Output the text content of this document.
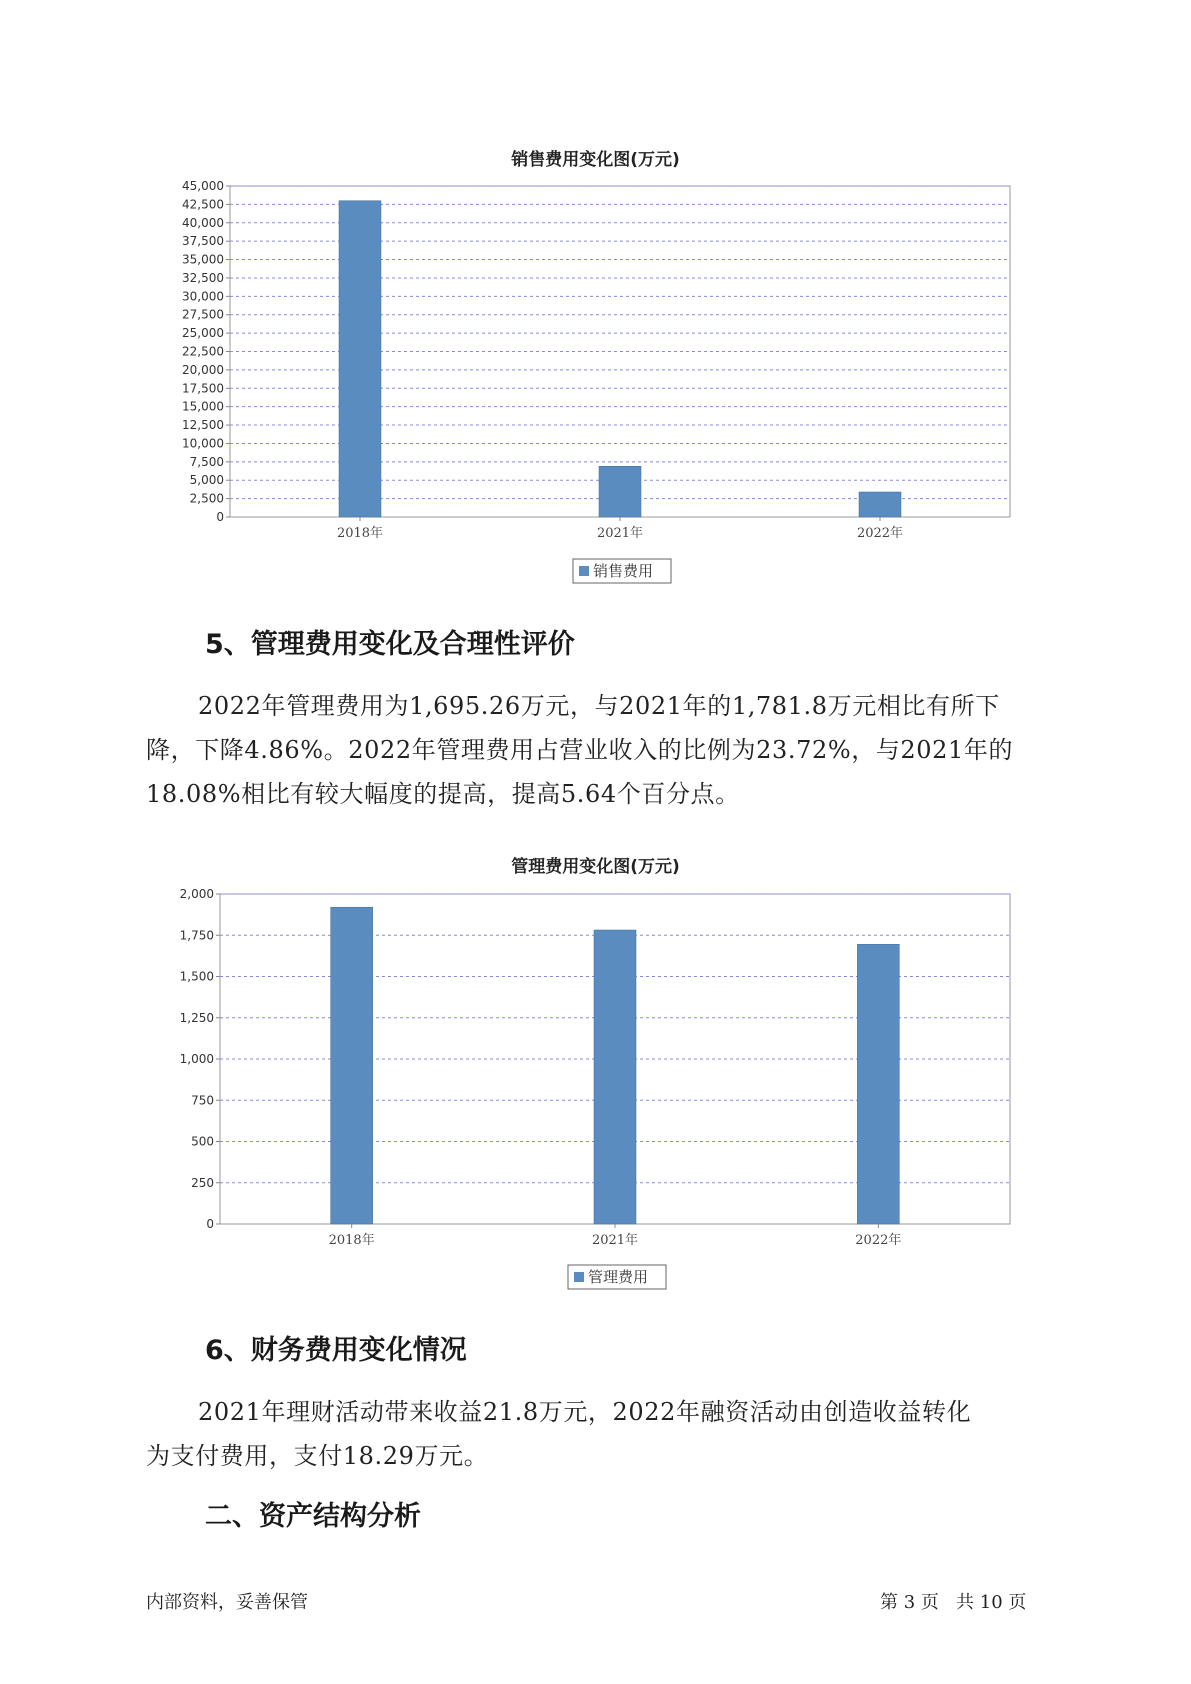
销售费用变化图(万元)
0
2,500
5,000
7,500
10,000
12,500
15,000
17,500
20,000
22,500
25,000
27,500
30,000
32,500
35,000
37,500
40,000
42,500
45,000
2018年	2021年	2022年
销售费用
5、管理费用变化及合理性评价
2022年管理费用为1,695.26万元，与2021年的1,781.8万元相比有所下
降，下降4.86%。2022年管理费用占营业收入的比例为23.72%，与2021年的
18.08%相比有较大幅度的提高，提高5.64个百分点。
管理费用变化图(万元)
0
250
500
750
1,000
1,250
1,500
1,750
2,000
2018年	2021年	2022年
管理费用
6、财务费用变化情况
2021年理财活动带来收益21.8万元，2022年融资活动由创造收益转化
为支付费用，支付18.29万元。
二、资产结构分析
内部资料，妥善保管	第 3 页   共 10 页
